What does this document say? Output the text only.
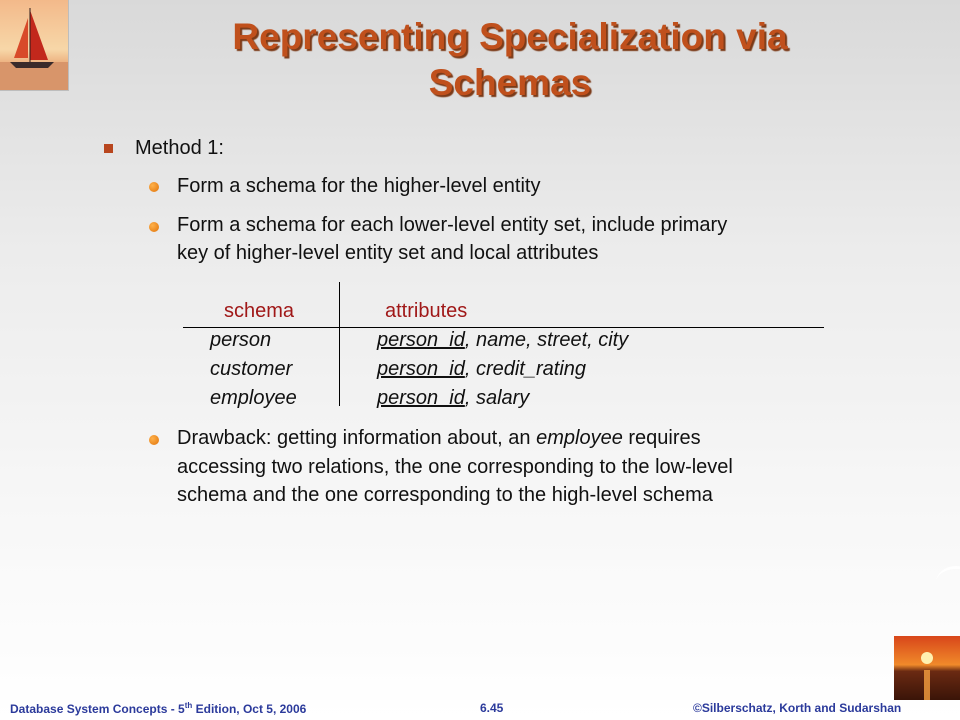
Representing Specialization via
Schemas
Method 1:
Form a schema for the higher-level entity
Form a schema for each lower-level entity set, include primary
key of higher-level entity set and local attributes
schema	attributes
person	person_id, name, street, city
customer	person_id, credit_rating
employee	person_id, salary
Drawback: getting information about, an employee requires
accessing two relations, the one corresponding to the low-level
schema and the one corresponding to the high-level schema
Database System Concepts - 5th Edition, Oct 5, 2006	6.45	©Silberschatz, Korth and Sudarshan
